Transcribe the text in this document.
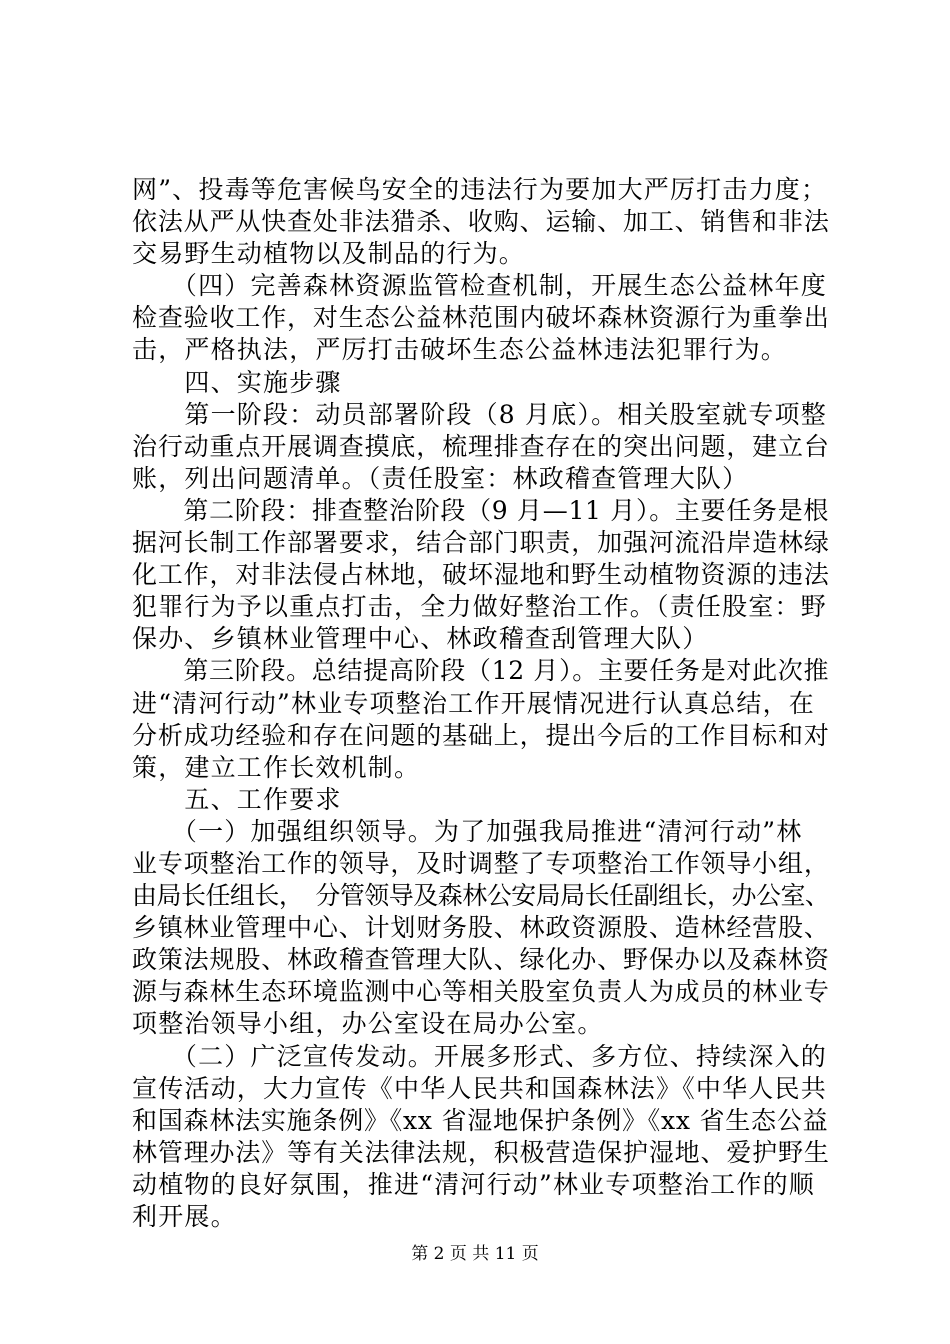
网”、投毒等危害候鸟安全的违法行为要加大严厉打击力度；
依法从严从快查处非法猎杀、收购、运输、加工、销售和非法
交易野生动植物以及制品的行为。
　　（四）完善森林资源监管检查机制，开展生态公益林年度
检查验收工作，对生态公益林范围内破坏森林资源行为重拳出
击，严格执法，严厉打击破坏生态公益林违法犯罪行为。
　　四、实施步骤
　　第一阶段：动员部署阶段（8 月底）。相关股室就专项整
治行动重点开展调查摸底，梳理排查存在的突出问题，建立台
账，列出问题清单。（责任股室：林政稽查管理大队）
　　第二阶段：排查整治阶段（9 月—11 月）。主要任务是根
据河长制工作部署要求，结合部门职责，加强河流沿岸造林绿
化工作，对非法侵占林地，破坏湿地和野生动植物资源的违法
犯罪行为予以重点打击，全力做好整治工作。（责任股室：野
保办、乡镇林业管理中心、林政稽查刮管理大队）
　　第三阶段。总结提高阶段（12 月）。主要任务是对此次推
进“清河行动”林业专项整治工作开展情况进行认真总结，在
分析成功经验和存在问题的基础上，提出今后的工作目标和对
策，建立工作长效机制。
　　五、工作要求
　　（一）加强组织领导。为了加强我局推进“清河行动”林
业专项整治工作的领导，及时调整了专项整治工作领导小组，
由局长任组长，　分管领导及森林公安局局长任副组长，办公室、
乡镇林业管理中心、计划财务股、林政资源股、造林经营股、
政策法规股、林政稽查管理大队、绿化办、野保办以及森林资
源与森林生态环境监测中心等相关股室负责人为成员的林业专
项整治领导小组，办公室设在局办公室。
　　（二）广泛宣传发动。开展多形式、多方位、持续深入的
宣传活动，大力宣传《中华人民共和国森林法》《中华人民共
和国森林法实施条例》《xx 省湿地保护条例》《xx 省生态公益
林管理办法》等有关法律法规，积极营造保护湿地、爱护野生
动植物的良好氛围，推进“清河行动”林业专项整治工作的顺
利开展。
第 2 页 共 11 页
